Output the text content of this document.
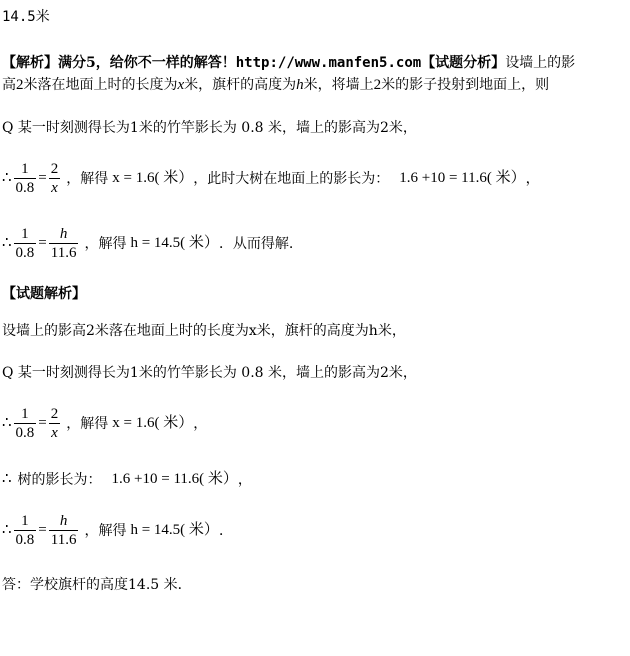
14.5米
【解析】满分5，给你不一样的解答！http://www.manfen5.com【试题分析】设墙上的影
高2米落在地面上时的长度为x米，旗杆的高度为h米，将墙上2米的影子投射到地面上，则
Q 某一时刻测得长为1米的竹竿影长为 0.8 米，墙上的影高为2米，
∴ $\frac{1}{0.8} = \frac{2}{x}$ ，解得 x = 1.6( 米） ，此时大树在地面上的影长为： 1.6 +10 = 11.6( 米） ，
∴ $\frac{1}{0.8} = \frac{h}{11.6}$ ，解得 h = 14.5( 米） ．从而得解.
【试题解析】
设墙上的影高2米落在地面上时的长度为x米，旗杆的高度为h米，
Q 某一时刻测得长为1米的竹竿影长为 0.8 米，墙上的影高为2米，
∴ $\frac{1}{0.8} = \frac{2}{x}$ ，解得 x = 1.6( 米） ，
∴ 树的影长为： 1.6 +10 = 11.6( 米） ，
∴ $\frac{1}{0.8} = \frac{h}{11.6}$ ，解得 h = 14.5( 米） ．
答：学校旗杆的高度14.5 米．
